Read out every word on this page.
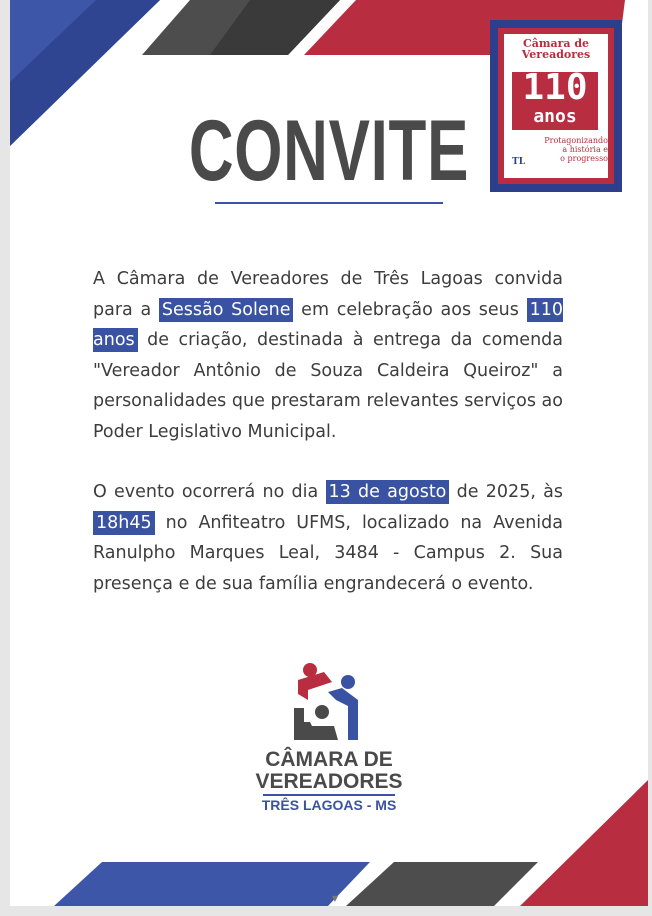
CONVITE
A Câmara de Vereadores de Três Lagoas convida para a Sessão Solene em celebração aos seus 110 anos de criação, destinada à entrega da comenda "Vereador Antônio de Souza Caldeira Queiroz" a personalidades que prestaram relevantes serviços ao Poder Legislativo Municipal.
O evento ocorrerá no dia 13 de agosto de 2025, às 18h45 no Anfiteatro UFMS, localizado na Avenida Ranulpho Marques Leal, 3484 - Campus 2. Sua presença e de sua família engrandecerá o evento.
Câmara de
Vereadores
110
anos
TL
Protagonizando
a história e
o progresso
CÂMARA DE
VEREADORES
TRÊS LAGOAS - MS
▼
